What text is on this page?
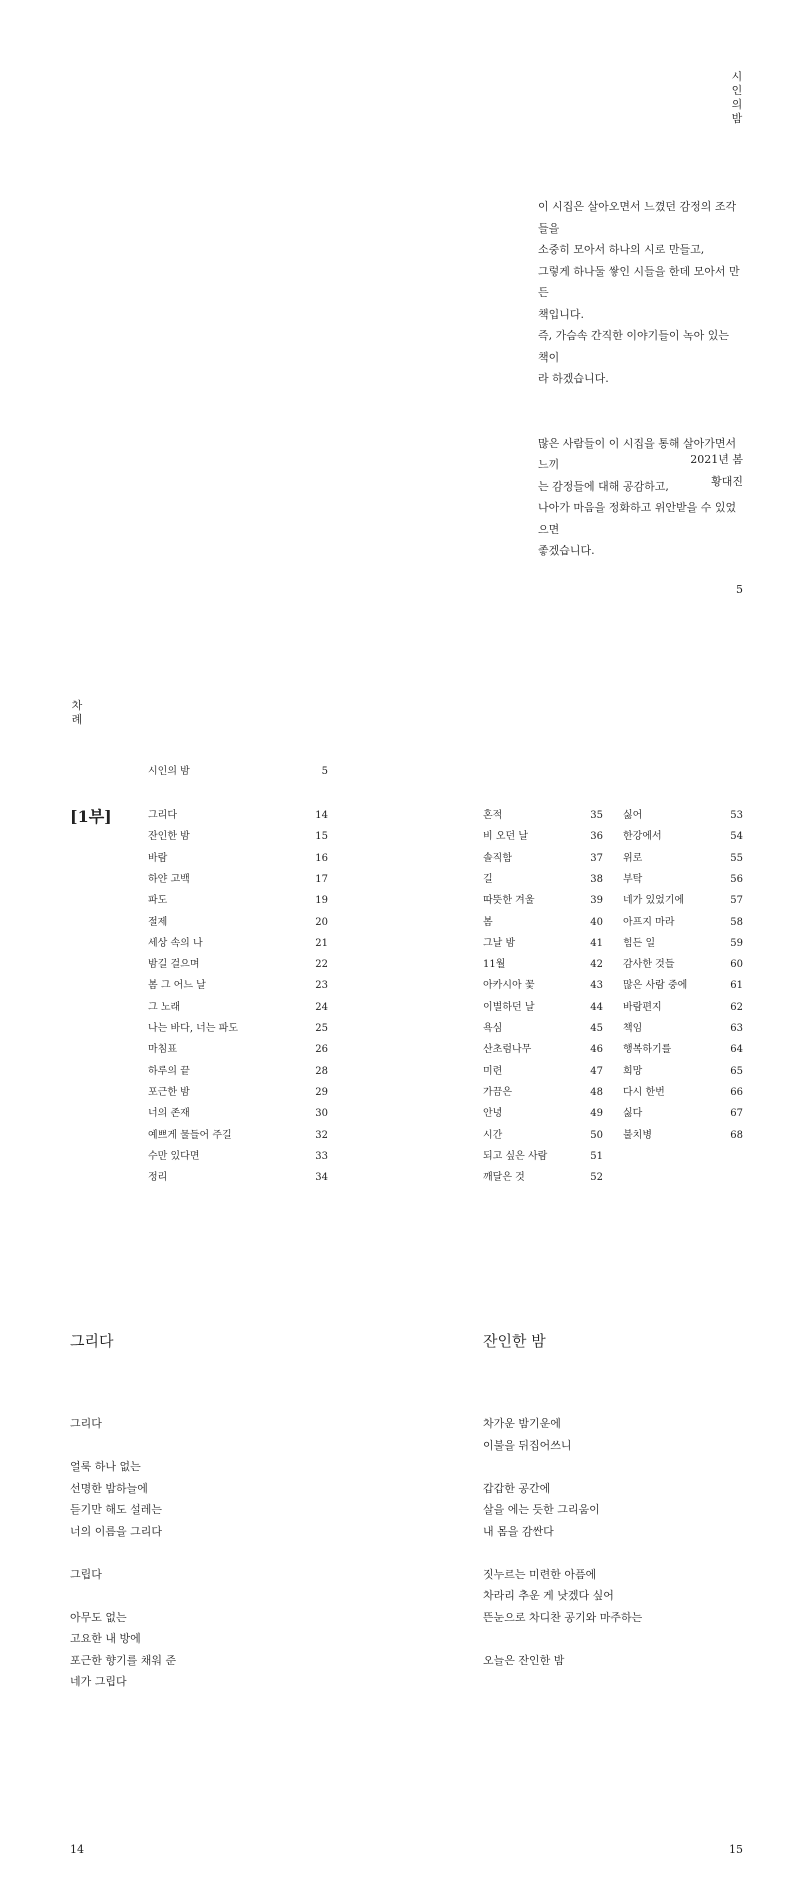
시
인
의
밤

이 시집은 살아오면서 느꼈던 감정의 조각들을

소중히 모아서 하나의 시로 만들고,

그렇게 하나둘 쌓인 시들을 한데 모아서 만든

책입니다.

즉, 가슴속 간직한 이야기들이 녹아 있는 책이

라 하겠습니다.

많은 사람들이 이 시집을 통해 살아가면서 느끼

는 감정들에 대해 공감하고,

나아가 마음을 정화하고 위안받을 수 있었으면

좋겠습니다.

2021년 봄
황대진
5
차
례
시인의 밤	5
[1부]	그리다	14
잔인한 밤	15
바람	16
하얀 고백	17
파도	19
절제	20
세상 속의 나	21
밤길 걸으며	22
봄 그 어느 날	23
그 노래	24
나는 바다, 너는 파도	25
마침표	26
하루의 끝	28
포근한 밤	29
너의 존재	30
예쁘게 물들어 주길	32
수만 있다면	33
정리	34
혼적	35
비 오던 날	36
솔직함	37
길	38
따뜻한 겨울	39
봄	40
그날 밤	41
11월	42
아카시아 꽃	43
이별하던 날	44
욕심	45
산초럼나무	46
미련	47
가끔은	48
안녕	49
시간	50
되고 싶은 사람	51
깨달은 것	52
싫어	53
한강에서	54
위로	55
부탁	56
네가 있었기에	57
아프지 마라	58
힘든 일	59
감사한 것들	60
많은 사람 중에	61
바람편지	62
책임	63
행복하기를	64
희망	65
다시 한번	66
싫다	67
불치병	68
그리다

그리다

얼룩 하나 없는

선명한 밤하늘에

듣기만 해도 설레는

너의 이름을 그리다

그립다

아무도 없는

고요한 내 방에

포근한 향기를 채워 준

네가 그립다

14
잔인한 밤

차가운 밤기운에

이불을 뒤집어쓰니

갑갑한 공간에

살을 에는 듯한 그리움이

내 몸을 감싼다

짓누르는 미련한 아픔에

차라리 추운 게 낫겠다 싶어

뜬눈으로 차디찬 공기와 마주하는

오늘은 잔인한 밤

15
